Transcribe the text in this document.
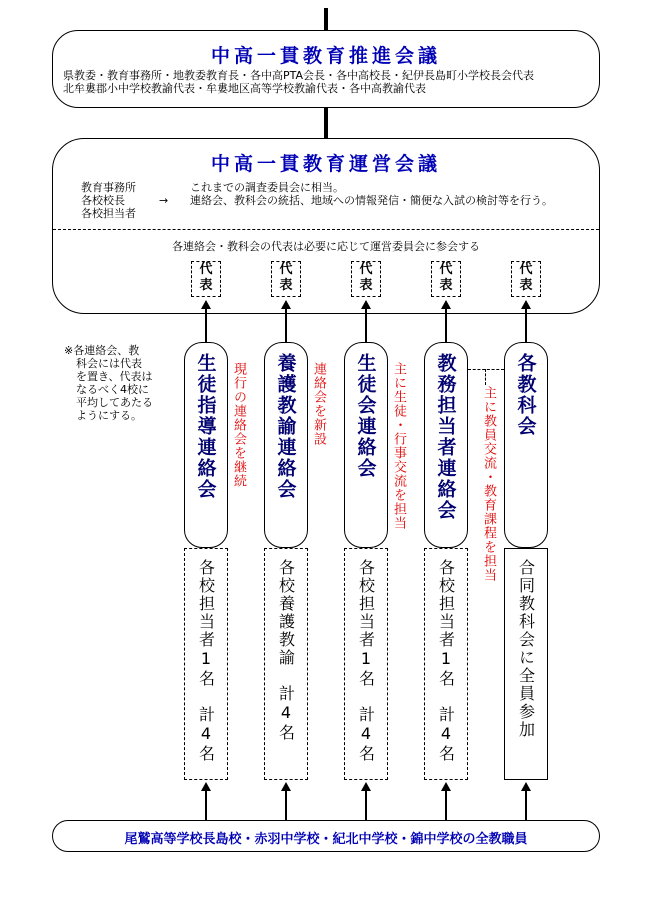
中高一貫教育推進会議
県教委・教育事務所・地教委教育長・各中高PTA会長・各中高校長・紀伊長島町小学校長会代表
北牟婁郡小中学校教諭代表・牟婁地区高等学校教諭代表・各中高教諭代表
中高一貫教育運営会議
教育事務所
各校校長
各校担当者
→
これまでの調査委員会に相当。
連絡会、教科会の統括、地域への情報発信・簡便な入試の検討等を行う。
各連絡会・教科会の代表は必要に応じて運営委員会に参会する
代
表
代
表
代
表
代
表
代
表
※各連絡会、教
科会には代表
を置き、代表は
なるべく4校に
平均してあたる
ようにする。	生徒指導連絡会	養護教諭連絡会	生徒会連絡会	教務担当者連絡会	各教科会
現行の連絡会を継続	連絡会を新設	主に生徒・行事交流を担当	主に教員交流・教育課程を担当
各校担当者1名　計4名	各校養護教諭　計4名	各校担当者1名　計4名	各校担当者1名　計4名	合同教科会に全員参加
尾鷲高等学校長島校・赤羽中学校・紀北中学校・錦中学校の全教職員
